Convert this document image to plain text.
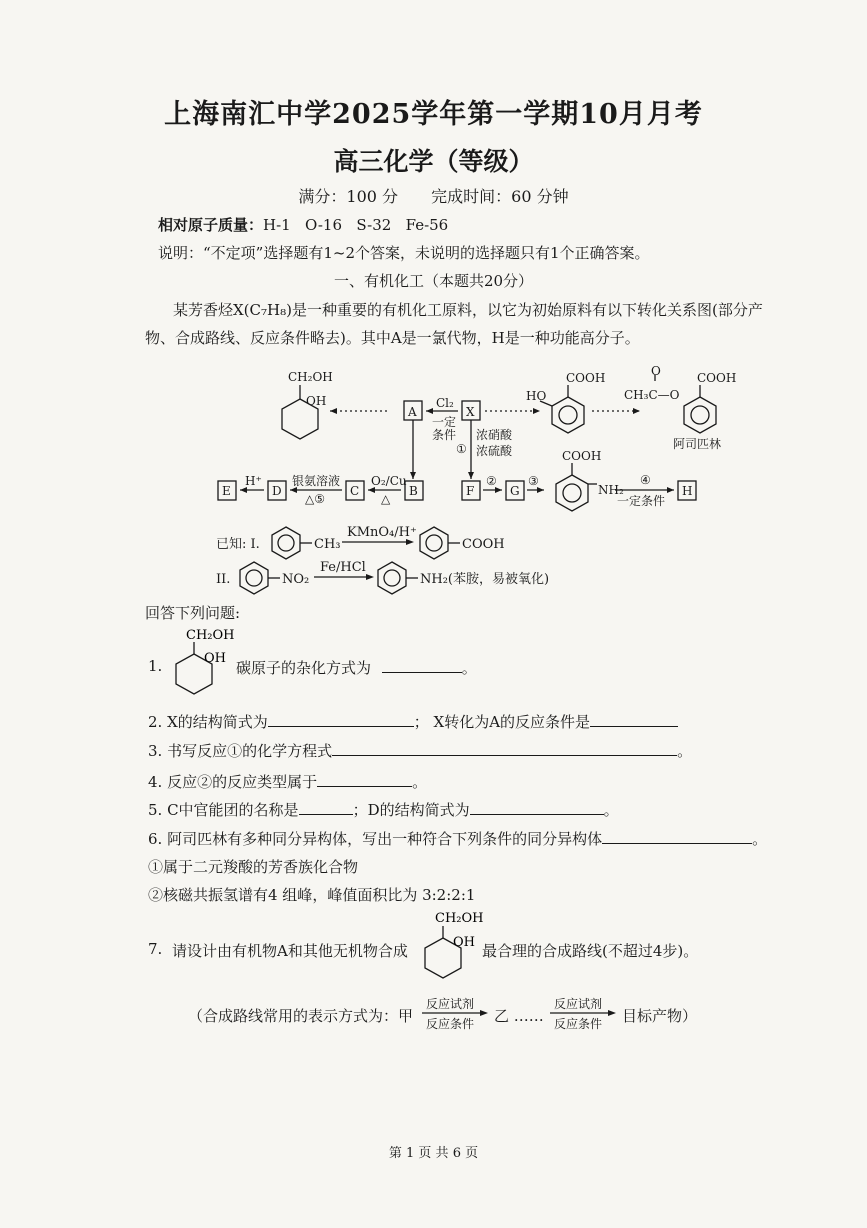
上海南汇中学2025学年第一学期10月月考
高三化学（等级）
满分：100 分 完成时间：60 分钟
相对原子质量：H-1   O-16   S-32   Fe-56
说明：“不定项”选择题有1~2个答案，未说明的选择题只有1个正确答案。
一、有机化工（本题共20分）
某芳香烃X(C₇H₈)是一种重要的有机化工原料，以它为初始原料有以下转化关系图(部分产物、合成路线、反应条件略去)。其中A是一氯代物，H是一种功能高分子。
CH₂OH
OH
A	X
Cl₂
一定
条件
COOH
HO
O
CH₃C—O
COOH
阿司匹林
浓硝酸
① 浓硫酸
E
H⁺
D
银氨溶液
△⑤
C
O₂/Cu
△
B	F
②
G
③
COOH
NH₂
④
一定条件
H
已知: I.	CH₃
KMnO₄/H⁺
COOH
II.	NO₂
Fe/HCl
NH₂(苯胺，易被氧化)
回答下列问题:
CH₂OH
OH
1.	碳原子的杂化方式为	。
2. X的结构简式为	； X转化为A的反应条件是
3. 书写反应①的化学方程式	。
4. 反应②的反应类型属于	。
5. C中官能团的名称是	；D的结构简式为	。
6. 阿司匹林有多种同分异构体，写出一种符合下列条件的同分异构体	。
①属于二元羧酸的芳香族化合物
②核磁共振氢谱有4 组峰，峰值面积比为 3:2:2:1
CH₂OH
OH
7. 请设计由有机物A和其他无机物合成	最合理的合成路线(不超过4步)。
（合成路线常用的表示方式为：甲
反应试剂
反应条件
反应试剂
反应条件
乙 ……	目标产物）
第 1 页 共 6 页
